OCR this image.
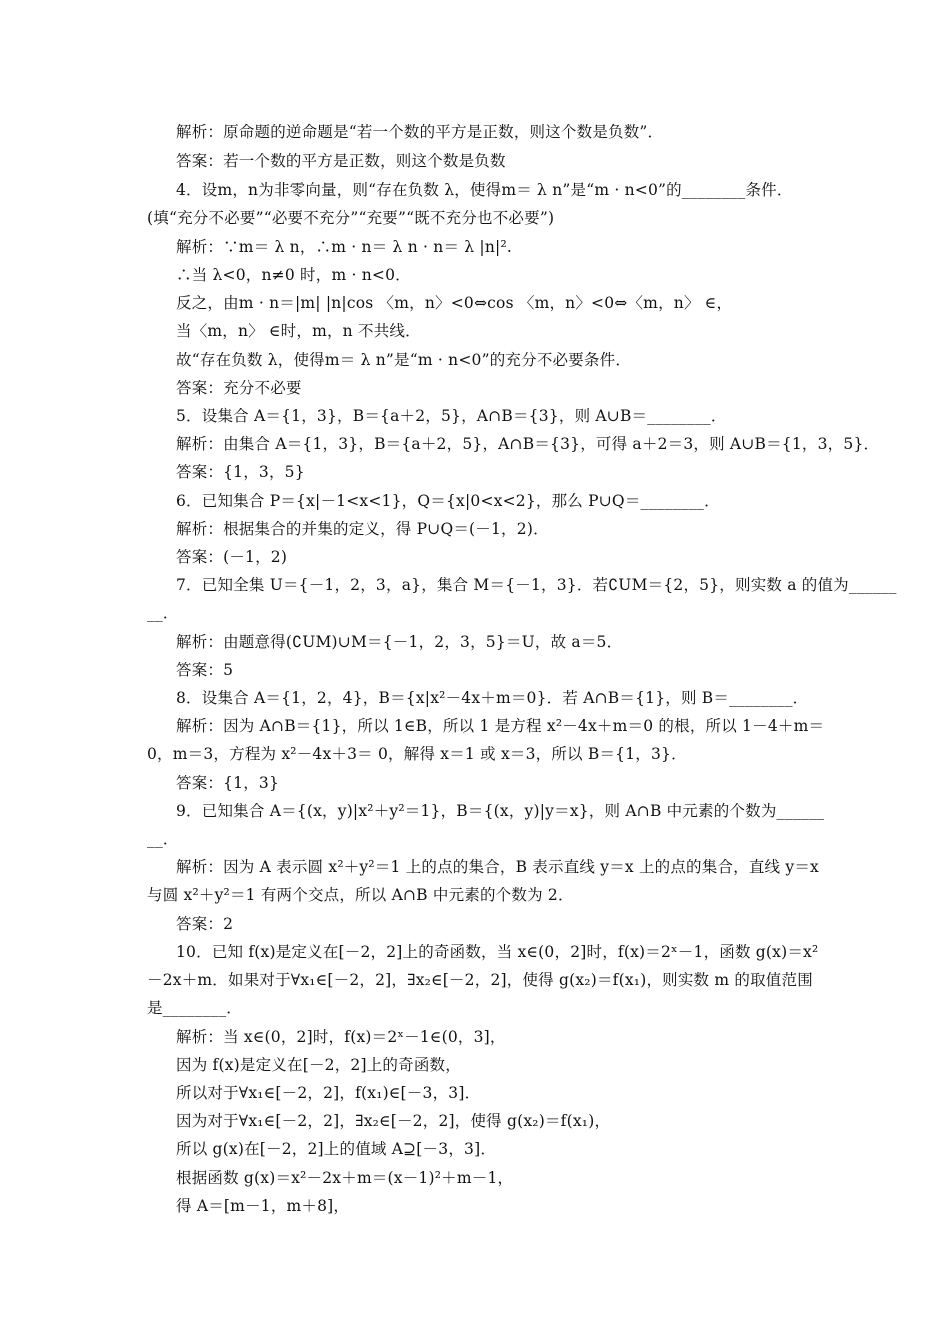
解析：原命题的逆命题是“若一个数的平方是正数，则这个数是负数”．
答案：若一个数的平方是正数，则这个数是负数
4．设m，n为非零向量，则“存在负数 λ，使得m＝ λ n”是“m · n<0”的________条件．
(填“充分不必要”“必要不充分”“充要”“既不充分也不必要”)
解析：∵m＝ λ n，∴m · n＝ λ n · n＝ λ |n|².
∴当 λ<0，n≠0 时，m · n<0．
反之，由m · n＝|m| |n|cos 〈m，n〉<0⇔cos 〈m，n〉<0⇔〈m，n〉 ∈，
当〈m，n〉 ∈时，m，n 不共线．
故“存在负数 λ，使得m＝ λ n”是“m · n<0”的充分不必要条件．
答案：充分不必要
5．设集合 A＝{1，3}，B＝{a＋2，5}，A∩B＝{3}，则 A∪B＝________．
解析：由集合 A＝{1，3}，B＝{a＋2，5}，A∩B＝{3}，可得 a＋2＝3，则 A∪B＝{1，3，5}．
答案：{1，3，5}
6．已知集合 P＝{x|－1<x<1}，Q＝{x|0<x<2}，那么 P∪Q＝________．
解析：根据集合的并集的定义，得 P∪Q＝(－1，2)．
答案：(－1，2)
7．已知全集 U＝{－1，2，3，a}，集合 M＝{－1，3}．若∁UM＝{2，5}，则实数 a 的值为______
__．
解析：由题意得(∁UM)∪M＝{－1，2，3，5}＝U，故 a＝5．
答案：5
8．设集合 A＝{1，2，4}，B＝{x|x²－4x＋m＝0}．若 A∩B＝{1}，则 B＝________．
解析：因为 A∩B＝{1}，所以 1∈B，所以 1 是方程 x²－4x＋m＝0 的根，所以 1－4＋m＝
0，m＝3，方程为 x²－4x＋3＝ 0，解得 x＝1 或 x＝3，所以 B＝{1，3}．
答案：{1，3}
9．已知集合 A＝{(x，y)|x²＋y²＝1}，B＝{(x，y)|y＝x}，则 A∩B 中元素的个数为______
__．
解析：因为 A 表示圆 x²＋y²＝1 上的点的集合，B 表示直线 y＝x 上的点的集合，直线 y＝x
与圆 x²＋y²＝1 有两个交点，所以 A∩B 中元素的个数为 2．
答案：2
10．已知 f(x)是定义在[－2，2]上的奇函数，当 x∈(0，2]时，f(x)＝2ˣ－1，函数 g(x)＝x²
－2x＋m．如果对于∀x₁∈[－2，2]，∃x₂∈[－2，2]，使得 g(x₂)＝f(x₁)，则实数 m 的取值范围
是________．
解析：当 x∈(0，2]时，f(x)＝2ˣ－1∈(0，3]，
因为 f(x)是定义在[－2，2]上的奇函数，
所以对于∀x₁∈[－2，2]，f(x₁)∈[－3，3]．
因为对于∀x₁∈[－2，2]，∃x₂∈[－2，2]，使得 g(x₂)＝f(x₁)，
所以 g(x)在[－2，2]上的值域 A⊇[－3，3]．
根据函数 g(x)＝x²－2x＋m＝(x－1)²＋m－1，
得 A＝[m－1，m＋8]，
